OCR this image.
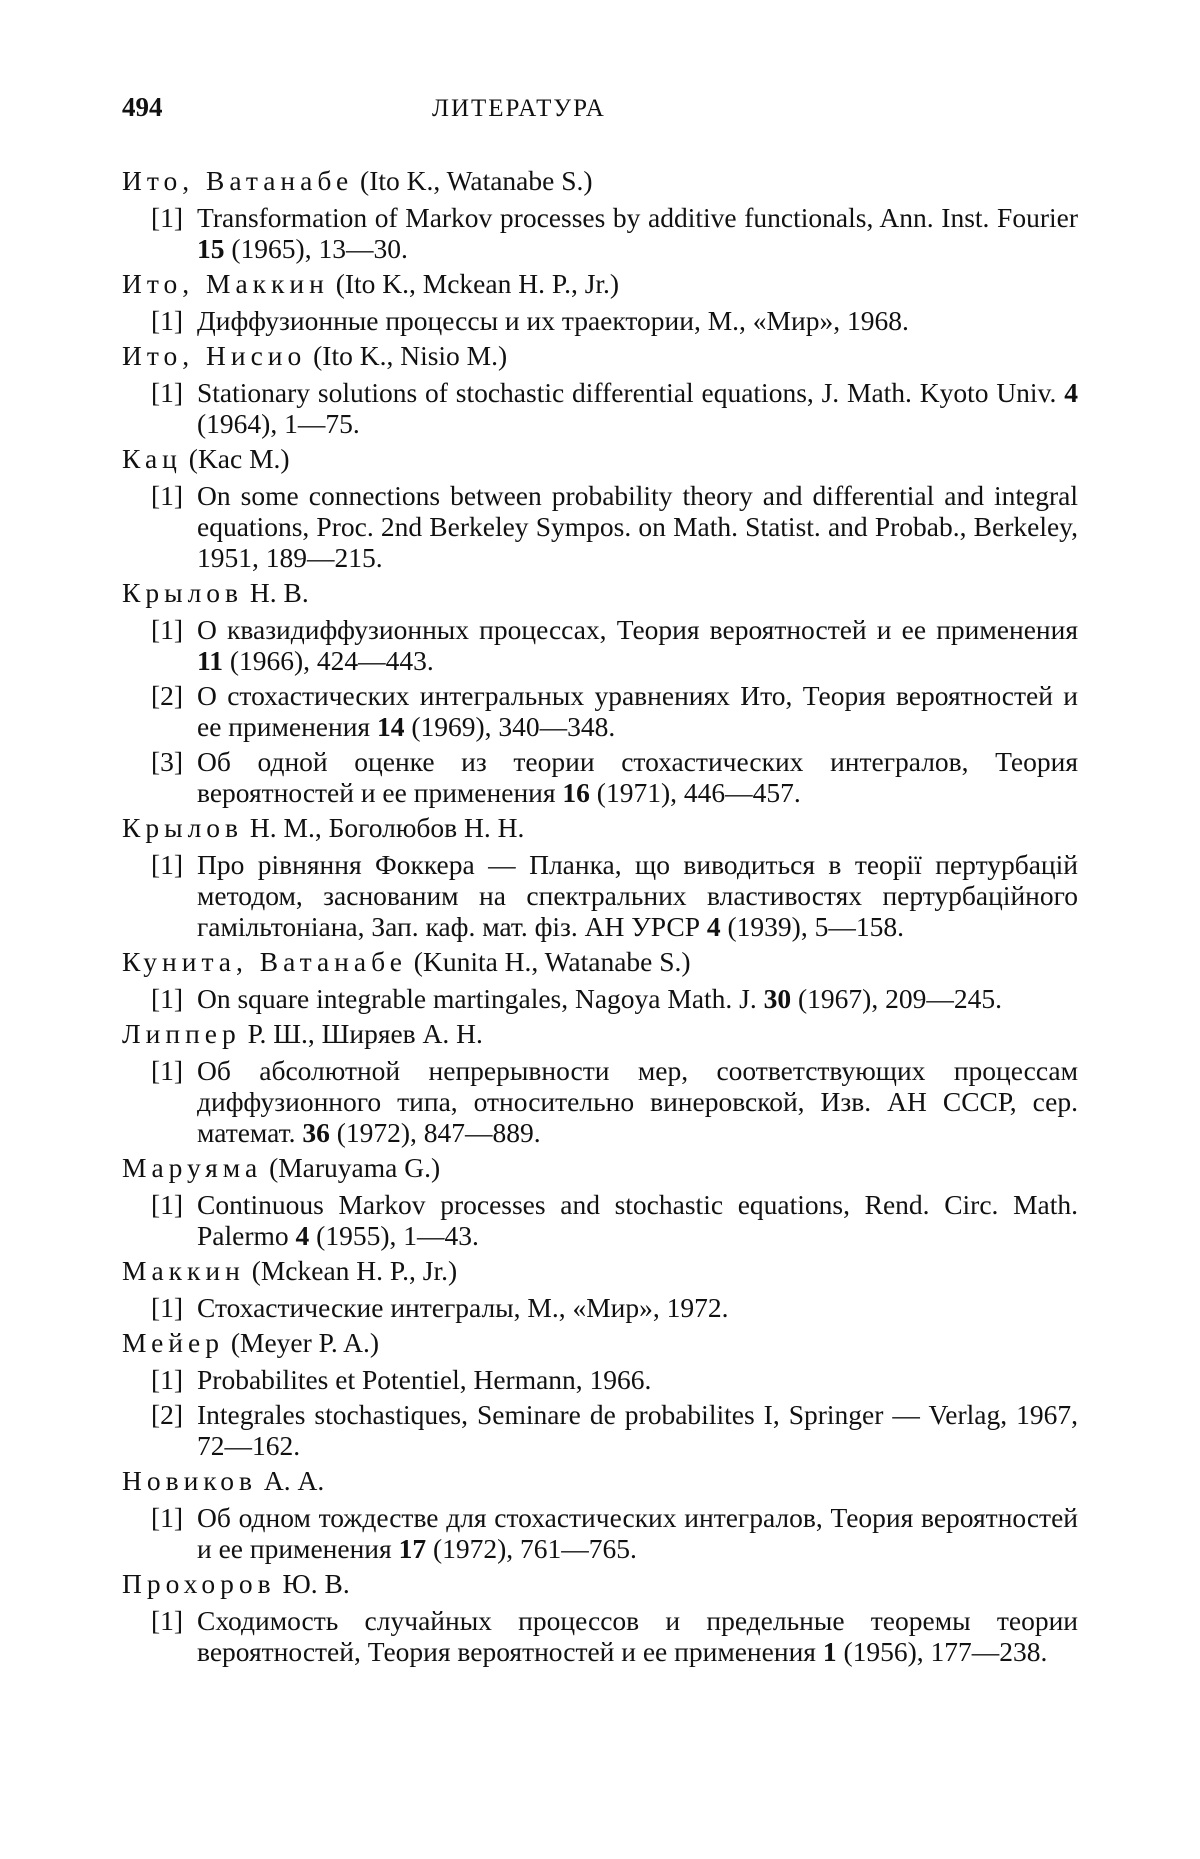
494	ЛИТЕРАТУРА
Ито, Ватанабе (Ito K., Watanabe S.)
[1] Transformation of Markov processes by additive functionals, Ann. Inst. Fourier 15 (1965), 13—30.
Ито, Маккин (Ito K., Mckean H. P., Jr.)
[1] Диффузионные процессы и их траектории, М., «Мир», 1968.
Ито, Нисио (Ito K., Nisio M.)
[1] Stationary solutions of stochastic differential equations, J. Math. Kyoto Univ. 4 (1964), 1—75.
Кац (Kac M.)
[1] On some connections between probability theory and differential and integral equations, Proc. 2nd Berkeley Sympos. on Math. Statist. and Probab., Berkeley, 1951, 189—215.
Крылов Н. В.
[1] О квазидиффузионных процессах, Теория вероятностей и ее применения 11 (1966), 424—443.
[2] О стохастических интегральных уравнениях Ито, Теория вероятностей и ее применения 14 (1969), 340—348.
[3] Об одной оценке из теории стохастических интегралов, Теория вероятностей и ее применения 16 (1971), 446—457.
Крылов Н. М., Боголюбов Н. Н.
[1] Про рівняння Фоккера — Планка, що виводиться в теорії пертурбацій методом, заснованим на спектральних властивостях пертурбаційного гамільтоніана, Зап. каф. мат. фіз. АН УРСР 4 (1939), 5—158.
Кунита, Ватанабе (Kunita H., Watanabe S.)
[1] On square integrable martingales, Nagoya Math. J. 30 (1967), 209—245.
Липпер Р. Ш., Ширяев А. Н.
[1] Об абсолютной непрерывности мер, соответствующих процессам диффузионного типа, относительно винеровской, Изв. АН СССР, сер. математ. 36 (1972), 847—889.
Маруяма (Maruyama G.)
[1] Continuous Markov processes and stochastic equations, Rend. Circ. Math. Palermo 4 (1955), 1—43.
Маккин (Mckean H. P., Jr.)
[1] Стохастические интегралы, М., «Мир», 1972.
Мейер (Meyer P. A.)
[1] Probabilites et Potentiel, Hermann, 1966.
[2] Integrales stochastiques, Seminare de probabilites I, Springer — Verlag, 1967, 72—162.
Новиков А. А.
[1] Об одном тождестве для стохастических интегралов, Теория вероятностей и ее применения 17 (1972), 761—765.
Прохоров Ю. В.
[1] Сходимость случайных процессов и предельные теоремы теории вероятностей, Теория вероятностей и ее применения 1 (1956), 177—238.
